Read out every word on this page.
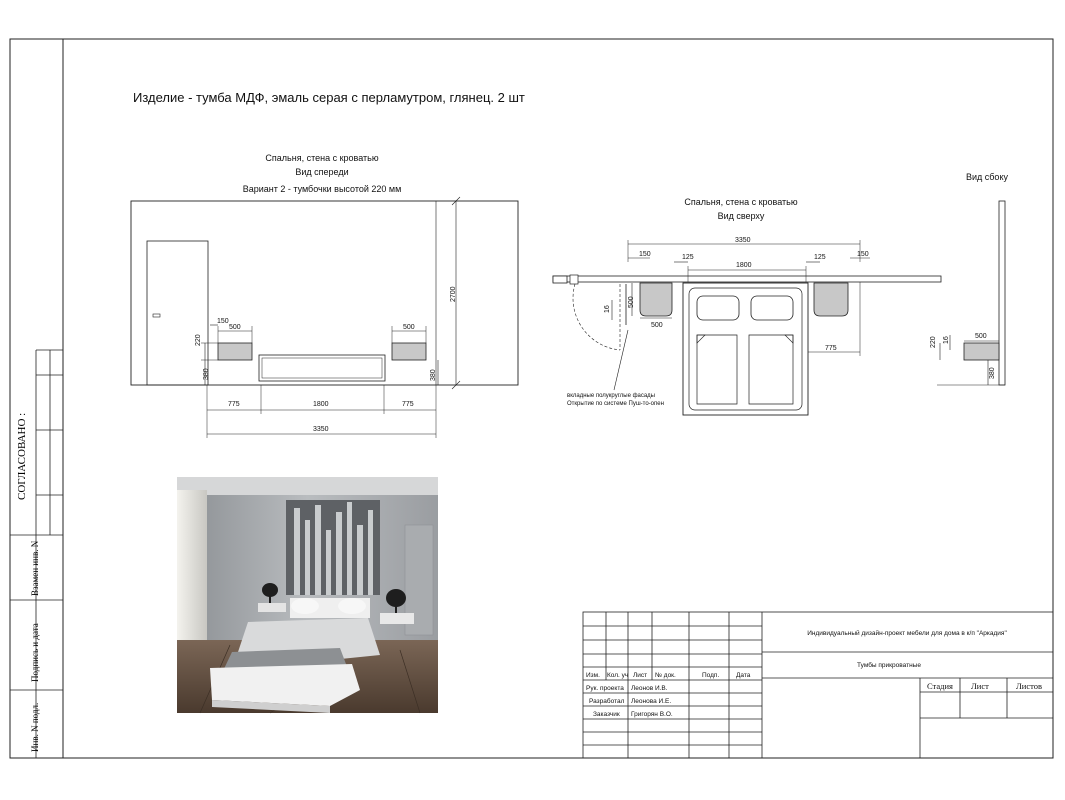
СОГЛАСОВАНО :
Взамен инв. N
Подпись и дата
Инв. N подл.
Изделие - тумба МДФ, эмаль серая с перламутром, глянец. 2 шт
Спальня, стена с кроватью
Вид спереди
Вариант 2 - тумбочки высотой 220 мм
2700
150
500	500
220
380	380
775	1800	775
3350
Спальня, стена с кроватью
Вид сверху
3350
150	125
1800
125	150
500
16
500
775
вкладные полукруглые фасады
Открытие по системе Пуш-то-опен
Вид сбоку
500
220 16
380
Индивидуальный дизайн-проект мебели для дома в к/п "Аркадия"
Тумбы прикроватные
Изм. Кол. уч Лист № док.	Подп.	Дата
Рук. проекта Леонов И.В.
Разработал Леонова И.Е.
Заказчик Григорян В.О.
Стадия Лист	Листов
